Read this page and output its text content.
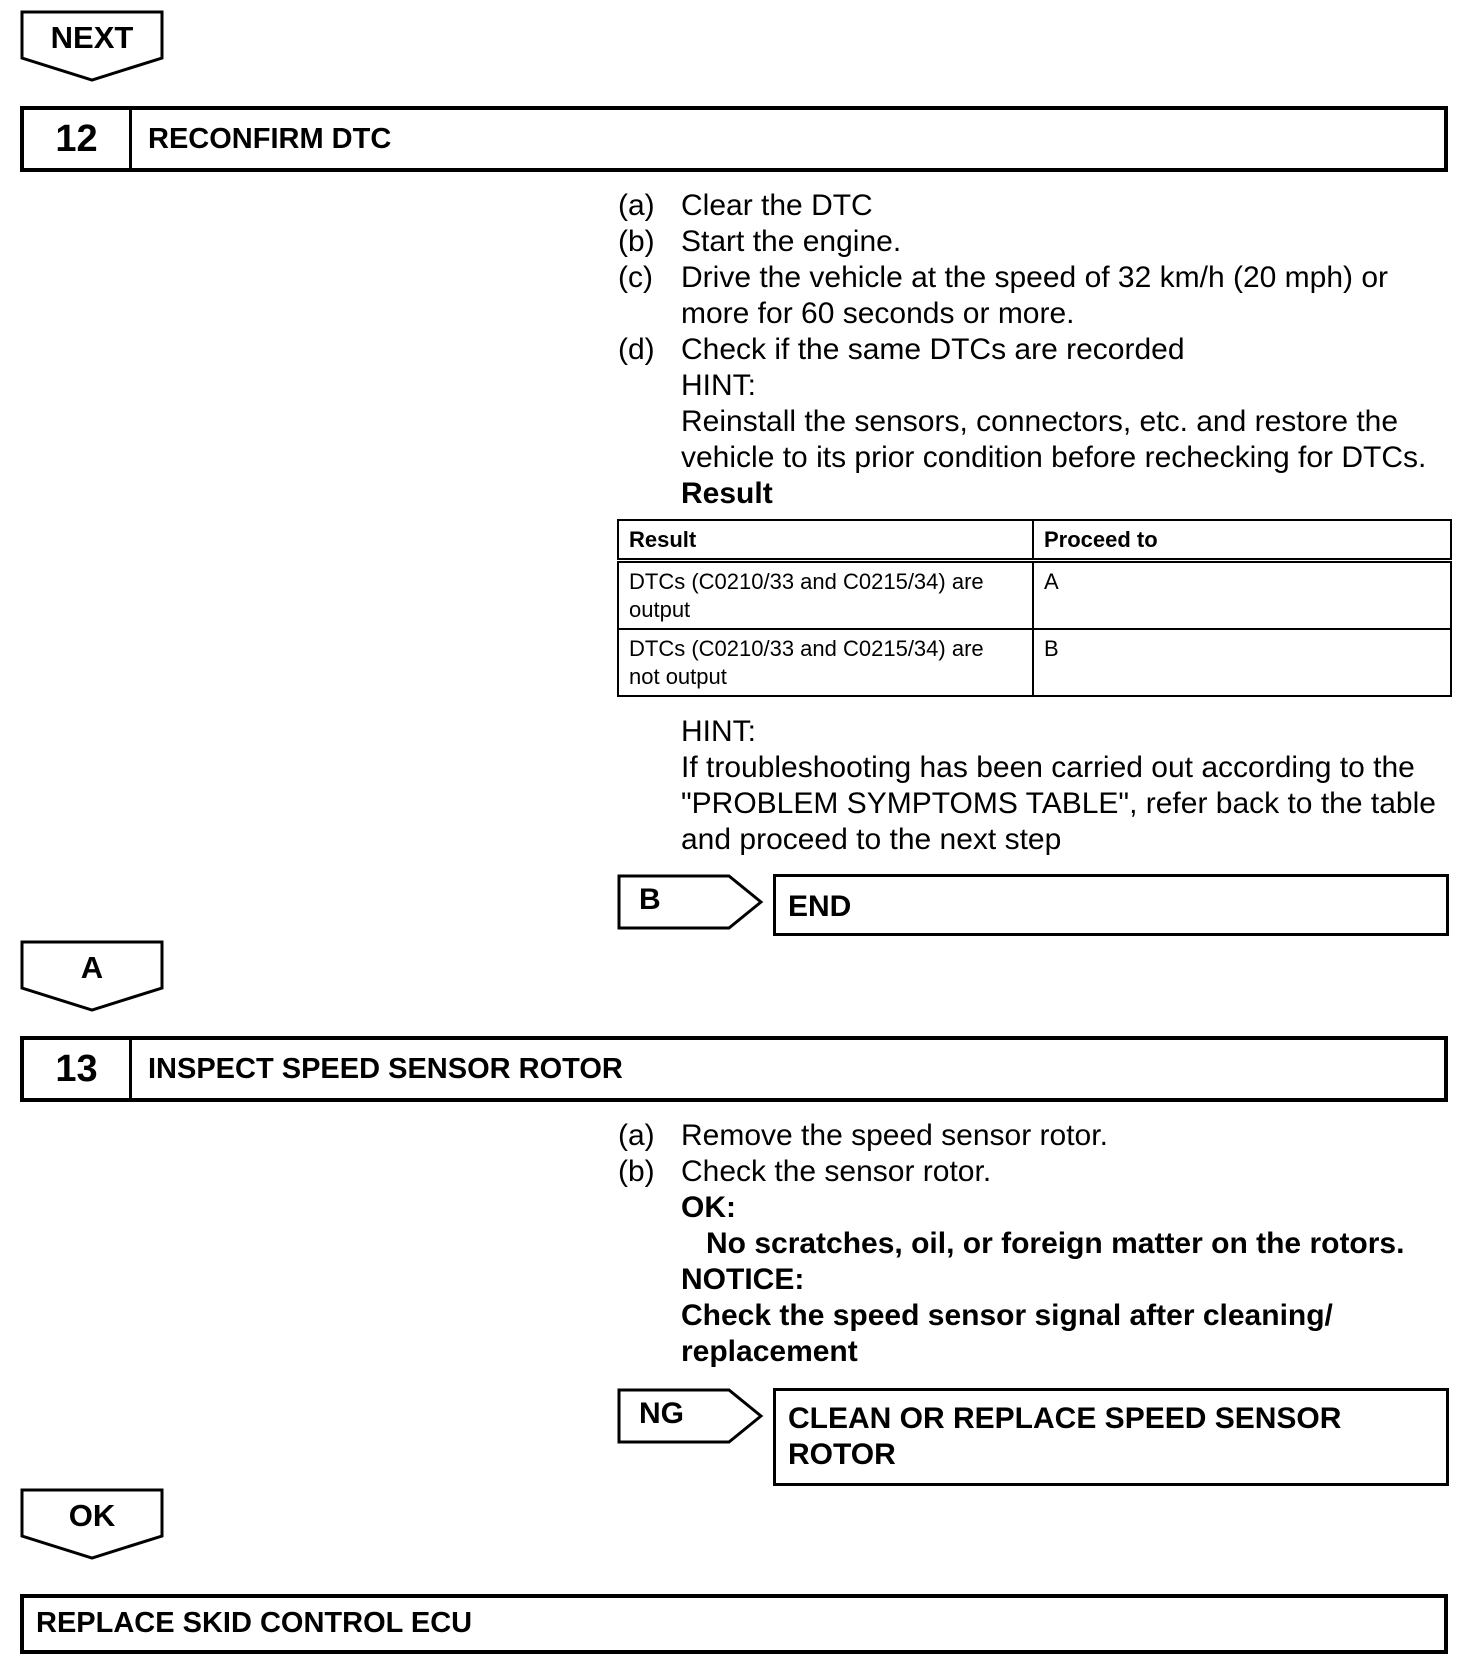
NEXT
12	RECONFIRM DTC
(a) Clear the DTC
(b) Start the engine.
(c) Drive the vehicle at the speed of 32 km/h (20 mph) or
more for 60 seconds or more.
(d) Check if the same DTCs are recorded
HINT:
Reinstall the sensors, connectors, etc. and restore the
vehicle to its prior condition before rechecking for DTCs.
Result
Result	Proceed to

DTCs (C0210/33 and C0215/34) are
output	A

DTCs (C0210/33 and C0215/34) are
not output	B
HINT:
If troubleshooting has been carried out according to the
"PROBLEM SYMPTOMS TABLE", refer back to the table
and proceed to the next step
B	END
A
13	INSPECT SPEED SENSOR ROTOR
(a) Remove the speed sensor rotor.
(b) Check the sensor rotor.
OK:
No scratches, oil, or foreign matter on the rotors.
NOTICE:
Check the speed sensor signal after cleaning/
replacement
NG	CLEAN OR REPLACE SPEED SENSOR
ROTOR
OK
REPLACE SKID CONTROL ECU
